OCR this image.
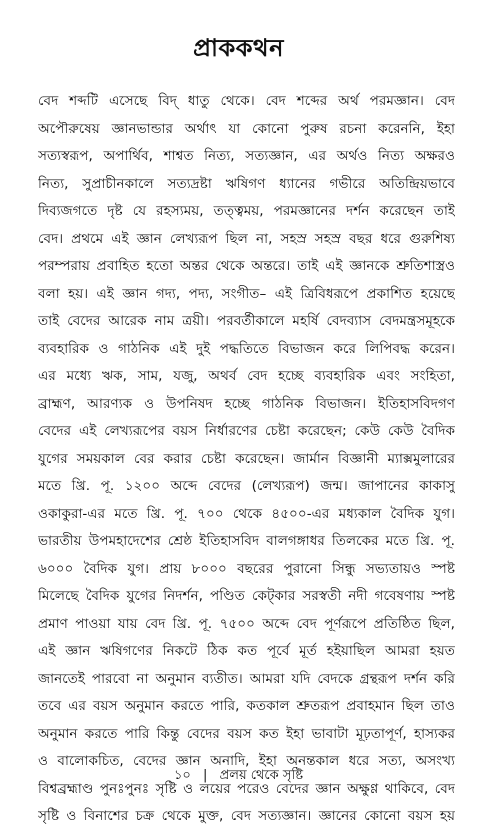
প্রাককথন
বেদ শব্দটি এসেছে বিদ্ ধাতু থেকে। বেদ শব্দের অর্থ পরমজ্ঞান। বেদ
অপৌরুষেয় জ্ঞানভান্ডার অর্থাৎ যা কোনো পুরুষ রচনা করেননি, ইহা
সত্যস্বরূপ, অপার্থিব, শাশ্বত নিত্য, সত্যজ্ঞান, এর অর্থও নিত্য অক্ষরও
নিত্য, সুপ্রাচীনকালে সত্যদ্রষ্টা ঋষিগণ ধ্যানের গভীরে অতিন্দ্রিয়ভাবে
দিব্যজগতে দৃষ্ট যে রহস্যময়, তত্ত্বময়, পরমজ্ঞানের দর্শন করেছেন তাই
বেদ। প্রথমে এই জ্ঞান লেখ্যরূপ ছিল না, সহস্র সহস্র বছর ধরে গুরুশিষ্য
পরম্পরায় প্রবাহিত হতো অন্তর থেকে অন্তরে। তাই এই জ্ঞানকে শ্রুতিশাস্ত্রও
বলা হয়। এই জ্ঞান গদ্য, পদ্য, সংগীত– এই ত্রিবিধরূপে প্রকাশিত হয়েছে
তাই বেদের আরেক নাম ত্রয়ী। পরবর্তীকালে মহর্ষি বেদব্যাস বেদমন্ত্রসমূহকে
ব্যবহারিক ও গাঠনিক এই দুই পদ্ধতিতে বিভাজন করে লিপিবদ্ধ করেন।
এর মধ্যে ঋক, সাম, যজু, অথর্ব বেদ হচ্ছে ব্যবহারিক এবং সংহিতা,
ব্রাহ্মণ, আরণ্যক ও উপনিষদ হচ্ছে গাঠনিক বিভাজন। ইতিহাসবিদগণ
বেদের এই লেখ্যরূপের বয়স নির্ধারণের চেষ্টা করেছেন; কেউ কেউ বৈদিক
যুগের সময়কাল বের করার চেষ্টা করেছেন। জার্মান বিজ্ঞানী ম্যাক্সমুলারের
মতে খ্রি. পূ. ১২০০ অব্দে বেদের (লেখ্যরূপ) জন্ম। জাপানের কাকাসু
ওকাকুরা-এর মতে খ্রি. পূ. ৭০০ থেকে ৪৫০০-এর মধ্যকাল বৈদিক যুগ।
ভারতীয় উপমহাদেশের শ্রেষ্ঠ ইতিহাসবিদ বালগঙ্গাধর তিলকের মতে খ্রি. পূ.
৬০০০ বৈদিক যুগ। প্রায় ৮০০০ বছরের পুরানো সিন্ধু সভ্যতায়ও স্পষ্ট
মিলেছে বৈদিক যুগের নিদর্শন, পণ্ডিত কেট্‌কার সরস্বতী নদী গবেষণায় স্পষ্ট
প্রমাণ পাওয়া যায় বেদ খ্রি. পূ. ৭৫০০ অব্দে বেদ পূর্ণরূপে প্রতিষ্ঠিত ছিল,
এই জ্ঞান ঋষিগণের নিকটে ঠিক কত পূর্বে মূর্ত হইয়াছিল আমরা হয়ত
জানতেই পারবো না অনুমান ব্যতীত। আমরা যদি বেদকে গ্রন্থরূপ দর্শন করি
তবে এর বয়স অনুমান করতে পারি, কতকাল শ্রুতরূপ প্রবাহমান ছিল তাও
অনুমান করতে পারি কিন্তু বেদের বয়স কত ইহা ভাবাটা মূঢ়তাপূর্ণ, হাস্যকর
ও বালোকচিত, বেদের জ্ঞান অনাদি, ইহা অনন্তকাল ধরে সত্য, অসংখ্য
বিশ্বব্রহ্মাণ্ড পুনঃপুনঃ সৃষ্টি ও লয়ের পরেও বেদের জ্ঞান অক্ষুণ্ণ থাকিবে, বেদ
সৃষ্টি ও বিনাশের চক্র থেকে মুক্ত, বেদ সত্যজ্ঞান। জ্ঞানের কোনো বয়স হয়
১০ | প্রলয় থেকে সৃষ্টি
